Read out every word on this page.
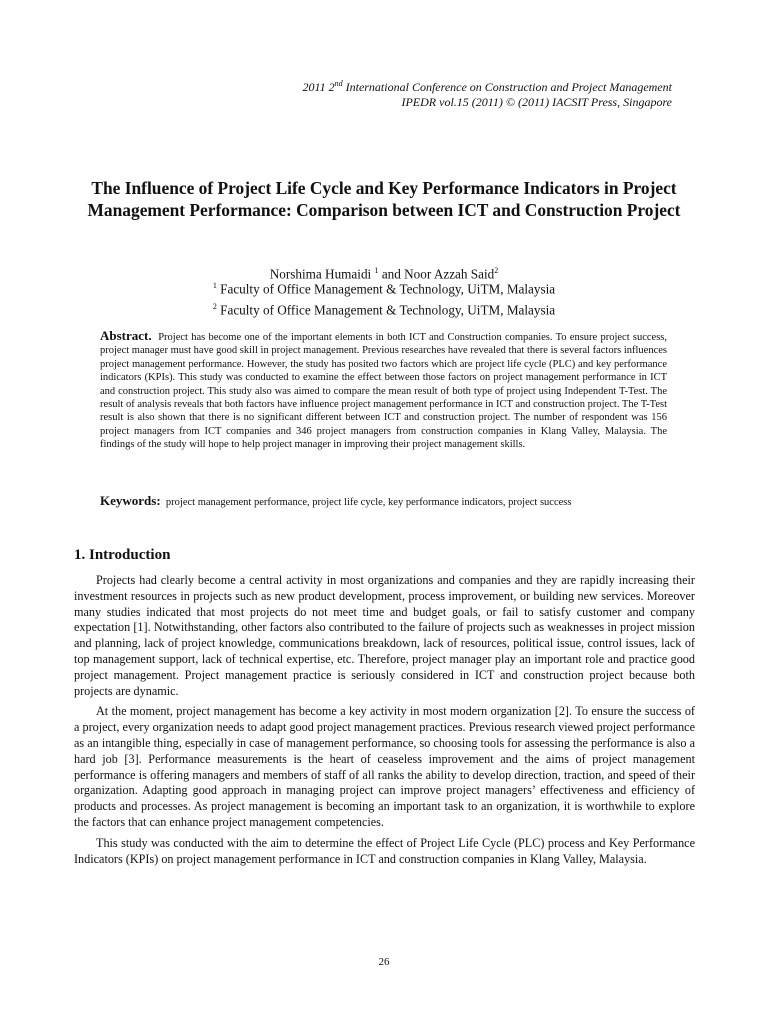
2011 2nd International Conference on Construction and Project Management
IPEDR vol.15 (2011) © (2011) IACSIT Press, Singapore
The Influence of Project Life Cycle and Key Performance Indicators in Project Management Performance: Comparison between ICT and Construction Project
Norshima Humaidi $^1$ and Noor Azzah Said$^2$
$^1$ Faculty of Office Management & Technology, UiTM, Malaysia
$^2$ Faculty of Office Management & Technology, UiTM, Malaysia

Abstract. Project has become one of the important elements in both ICT and Construction companies. To ensure project success, project manager must have good skill in project management. Previous researches have revealed that there is several factors influences project management performance. However, the study has posited two factors which are project life cycle (PLC) and key performance indicators (KPIs). This study was conducted to examine the effect between those factors on project management performance in ICT and construction project. This study also was aimed to compare the mean result of both type of project using Independent T-Test. The result of analysis reveals that both factors have influence project management performance in ICT and construction project. The T-Test result is also shown that there is no significant different between ICT and construction project. The number of respondent was 156 project managers from ICT companies and 346 project managers from construction companies in Klang Valley, Malaysia. The findings of the study will hope to help project manager in improving their project management skills.

Keywords: project management performance, project life cycle, key performance indicators, project success

1. Introduction

Projects had clearly become a central activity in most organizations and companies and they are rapidly increasing their investment resources in projects such as new product development, process improvement, or building new services. Moreover many studies indicated that most projects do not meet time and budget goals, or fail to satisfy customer and company expectation [1]. Notwithstanding, other factors also contributed to the failure of projects such as weaknesses in project mission and planning, lack of project knowledge, communications breakdown, lack of resources, political issue, control issues, lack of top management support, lack of technical expertise, etc. Therefore, project manager play an important role and practice good project management. Project management practice is seriously considered in ICT and construction project because both projects are dynamic.

At the moment, project management has become a key activity in most modern organization [2]. To ensure the success of a project, every organization needs to adapt good project management practices. Previous research viewed project performance as an intangible thing, especially in case of management performance, so choosing tools for assessing the performance is also a hard job [3]. Performance measurements is the heart of ceaseless improvement and the aims of project management performance is offering managers and members of staff of all ranks the ability to develop direction, traction, and speed of their organization. Adapting good approach in managing project can improve project managers’ effectiveness and efficiency of products and processes. As project management is becoming an important task to an organization, it is worthwhile to explore the factors that can enhance project management competencies.

This study was conducted with the aim to determine the effect of Project Life Cycle (PLC) process and Key Performance Indicators (KPIs) on project management performance in ICT and construction companies in Klang Valley, Malaysia.

26
